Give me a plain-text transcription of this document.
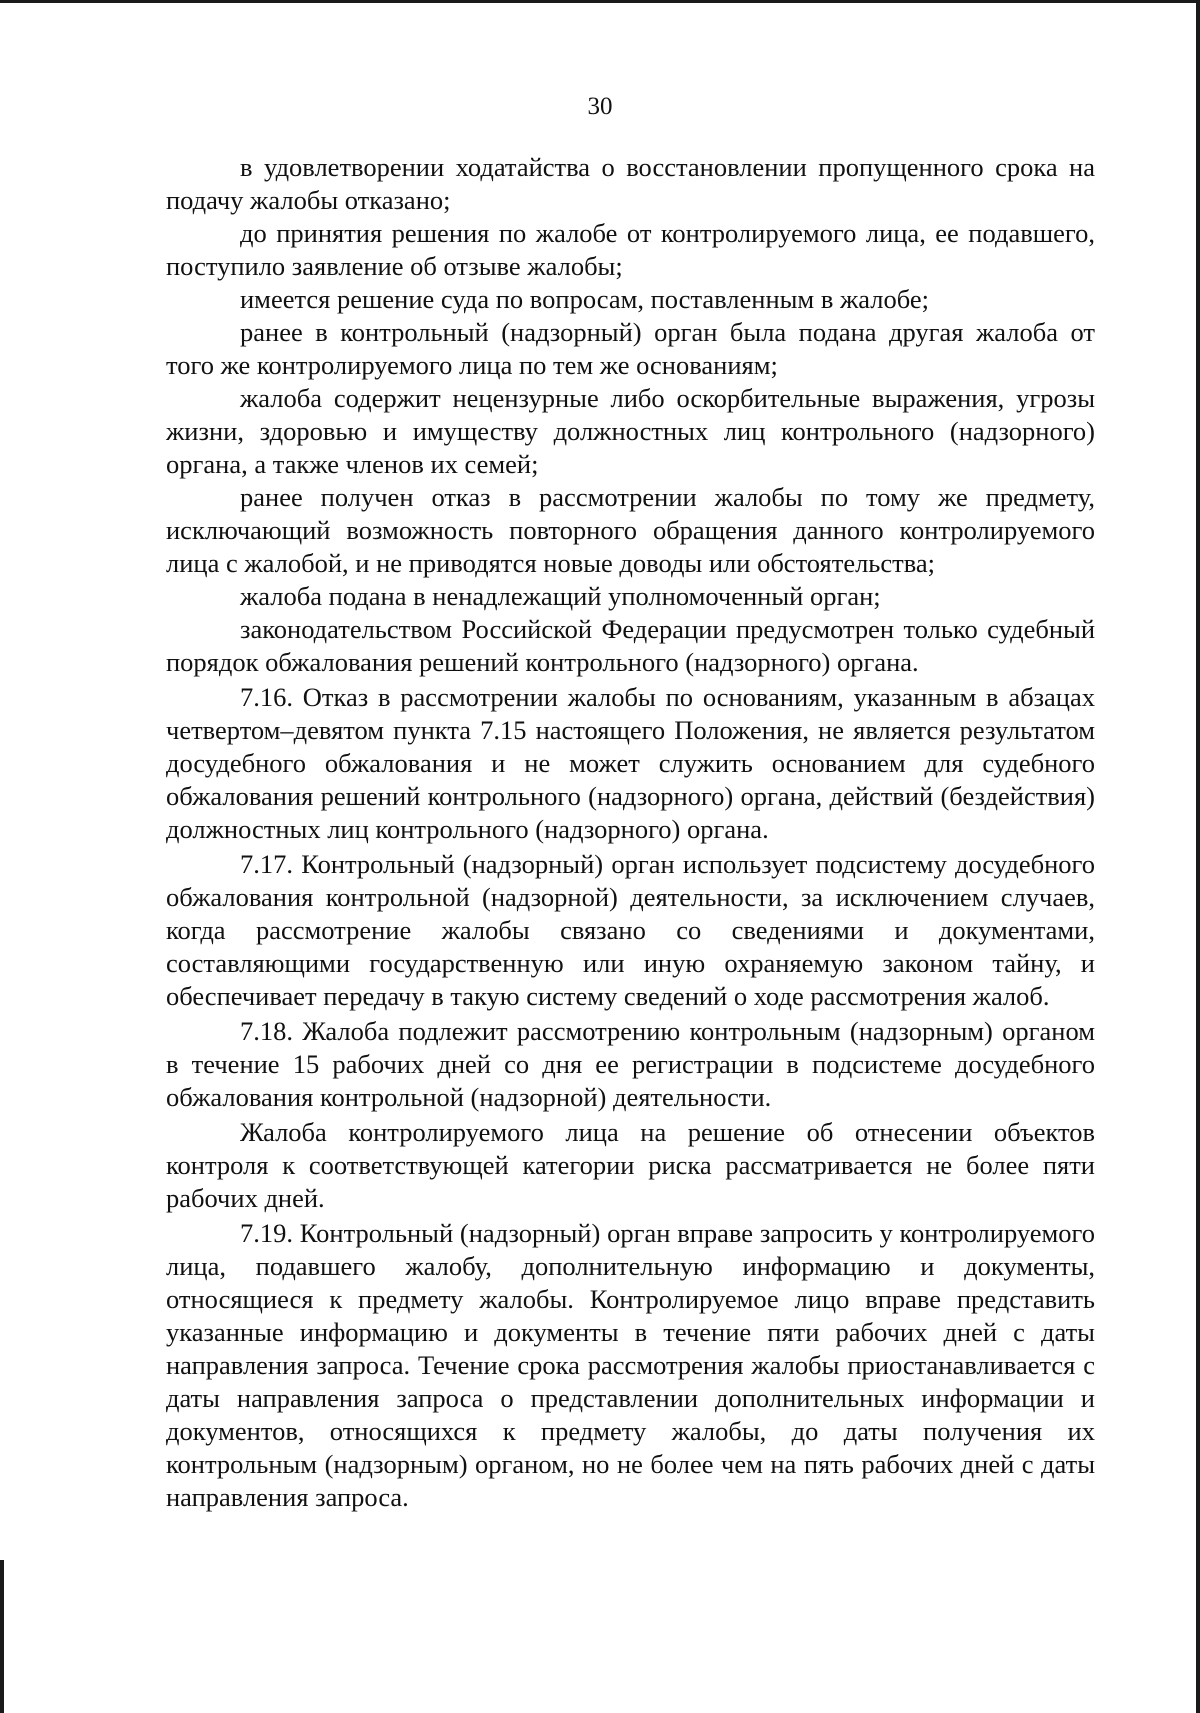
30

в удовлетворении ходатайства о восстановлении пропущенного срока на подачу жалобы отказано;

до принятия решения по жалобе от контролируемого лица, ее подавшего, поступило заявление об отзыве жалобы;

имеется решение суда по вопросам, поставленным в жалобе;

ранее в контрольный (надзорный) орган была подана другая жалоба от того же контролируемого лица по тем же основаниям;

жалоба содержит нецензурные либо оскорбительные выражения, угрозы жизни, здоровью и имуществу должностных лиц контрольного (надзорного) органа, а также членов их семей;

ранее получен отказ в рассмотрении жалобы по тому же предмету, исключающий возможность повторного обращения данного контролируемого лица с жалобой, и не приводятся новые доводы или обстоятельства;

жалоба подана в ненадлежащий уполномоченный орган;

законодательством Российской Федерации предусмотрен только судебный порядок обжалования решений контрольного (надзорного) органа.

7.16. Отказ в рассмотрении жалобы по основаниям, указанным в абзацах четвертом–девятом пункта 7.15 настоящего Положения, не является результатом досудебного обжалования и не может служить основанием для судебного обжалования решений контрольного (надзорного) органа, действий (бездействия) должностных лиц контрольного (надзорного) органа.

7.17. Контрольный (надзорный) орган использует подсистему досудебного обжалования контрольной (надзорной) деятельности, за исключением случаев, когда рассмотрение жалобы связано со сведениями и документами, составляющими государственную или иную охраняемую законом тайну, и обеспечивает передачу в такую систему сведений о ходе рассмотрения жалоб.

7.18. Жалоба подлежит рассмотрению контрольным (надзорным) органом в течение 15 рабочих дней со дня ее регистрации в подсистеме досудебного обжалования контрольной (надзорной) деятельности.

Жалоба контролируемого лица на решение об отнесении объектов контроля к соответствующей категории риска рассматривается не более пяти рабочих дней.

7.19. Контрольный (надзорный) орган вправе запросить у контролируемого лица, подавшего жалобу, дополнительную информацию и документы, относящиеся к предмету жалобы. Контролируемое лицо вправе представить указанные информацию и документы в течение пяти рабочих дней с даты направления запроса. Течение срока рассмотрения жалобы приостанавливается с даты направления запроса о представлении дополнительных информации и документов, относящихся к предмету жалобы, до даты получения их контрольным (надзорным) органом, но не более чем на пять рабочих дней с даты направления запроса.
